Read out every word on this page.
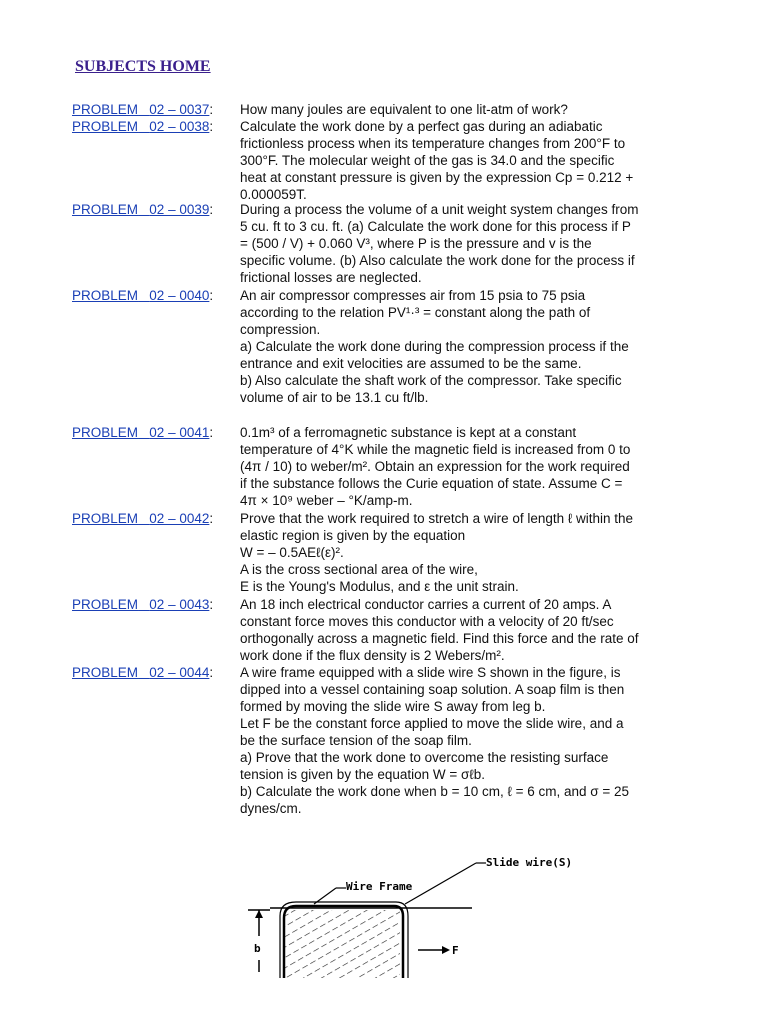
SUBJECTS HOME
PROBLEM 02 – 0037: How many joules are equivalent to one lit-atm of work?

PROBLEM 02 – 0038: Calculate the work done by a perfect gas during an adiabatic frictionless process when its temperature changes from 200°F to 300°F. The molecular weight of the gas is 34.0 and the specific heat at constant pressure is given by the expression Cp = 0.212 + 0.000059T.

PROBLEM 02 – 0039: During a process the volume of a unit weight system changes from 5 cu. ft to 3 cu. ft. (a) Calculate the work done for this process if P = (500 / V) + 0.060 V³, where P is the pressure and v is the specific volume. (b) Also calculate the work done for the process if frictional losses are neglected.

PROBLEM 02 – 0040: An air compressor compresses air from 15 psia to 75 psia according to the relation PV¹·³ = constant along the path of compression.

a) Calculate the work done during the compression process if the entrance and exit velocities are assumed to be the same.

b) Also calculate the shaft work of the compressor. Take specific volume of air to be 13.1 cu ft/lb.

PROBLEM 02 – 0041: 0.1m³ of a ferromagnetic substance is kept at a constant temperature of 4°K while the magnetic field is increased from 0 to (4π / 10) to weber/m². Obtain an expression for the work required if the substance follows the Curie equation of state. Assume C = 4π × 10⁹ weber – °K/amp-m.

PROBLEM 02 – 0042: Prove that the work required to stretch a wire of length ℓ within the elastic region is given by the equation

W = – 0.5AEℓ(ε)².

A is the cross sectional area of the wire,

E is the Young's Modulus, and ε the unit strain.

PROBLEM 02 – 0043: An 18 inch electrical conductor carries a current of 20 amps. A constant force moves this conductor with a velocity of 20 ft/sec orthogonally across a magnetic field. Find this force and the rate of work done if the flux density is 2 Webers/m².

PROBLEM 02 – 0044: A wire frame equipped with a slide wire S shown in the figure, is dipped into a vessel containing soap solution. A soap film is then formed by moving the slide wire S away from leg b.

Let F be the constant force applied to move the slide wire, and a be the surface tension of the soap film.

a) Prove that the work done to overcome the resisting surface tension is given by the equation W = σℓb.

b) Calculate the work done when b = 10 cm, ℓ = 6 cm, and σ = 25 dynes/cm.

b	F
Wire Frame
Slide wire(S)
